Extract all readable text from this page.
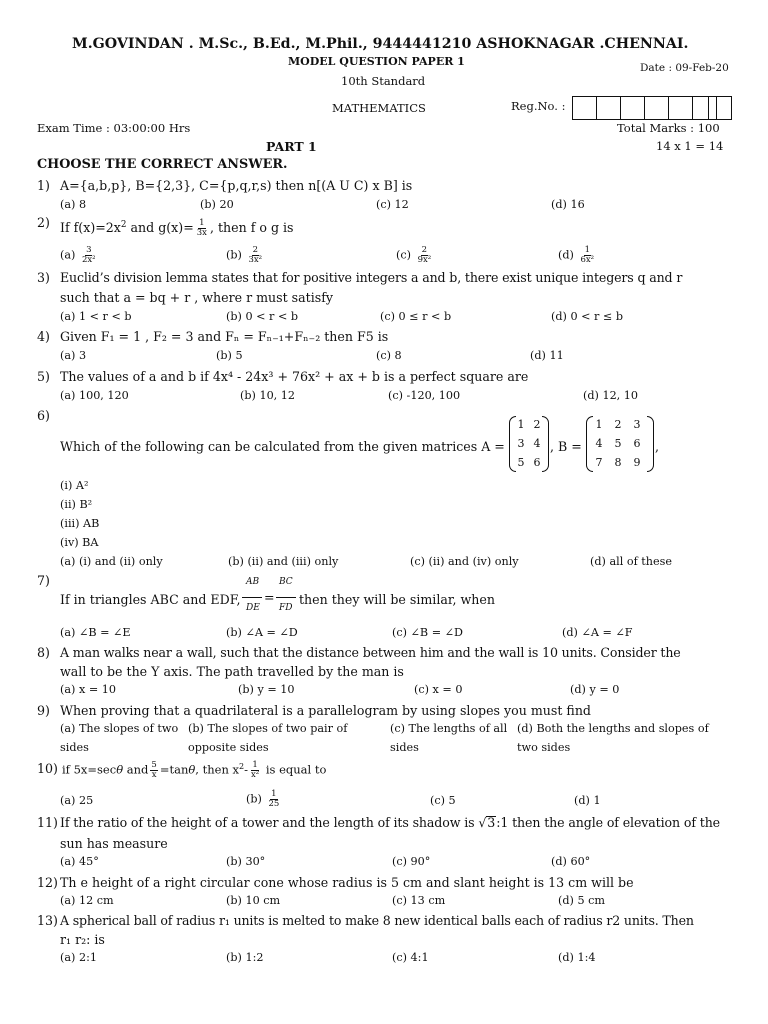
M.GOVINDAN . M.Sc., B.Ed., M.Phil., 9444441210 ASHOKNAGAR .CHENNAI.
MODEL QUESTION PAPER 1	Date : 09-Feb-20
10th Standard
MATHEMATICS	Reg.No. :
Exam Time : 03:00:00 Hrs	Total Marks : 100
PART 1	14 x 1 = 14
CHOOSE THE CORRECT ANSWER.
1) A={a,b,p}, B={2,3}, C={p,q,r,s) then n[(A U C) x B] is
(a) 8	(b) 20	(c) 12	(d) 16
2) If $f(x)=2x^2$ and $g(x)= \frac{1}{3x}$ , then f o g is
$(a) \frac{3}{\text{2x²}}$	$(b) \frac{2}{\text{3x²}}$	$(c) \frac{2}{\text{9x²}}$	$(d) \frac{1}{\text{6x²}}$
3) Euclid’s division lemma states that for positive integers a and b, there exist unique integers q and r
such that a = bq + r , where r must satisfy
(a) 1 < r < b	(b) 0 < r < b	(c) 0 ≤ r < b	(d) 0 < r ≤ b
4) Given F₁ = 1 , F₂ = 3 and Fₙ = Fₙ₋₁+Fₙ₋₂ then F5 is
(a) 3	(b) 5	(c) 8	(d) 11
5) The values of a and b if 4x⁴ - 24x³ + 76x² + ax + b is a perfect square are
(a) 100, 120	(b) 10, 12	(c) -120, 100	(d) 12, 10
6)
Which of the following can be calculated from the given matrices A =
1 2
3 4
5 6
, B =
1	2	3
4	5	6
7	8	9
,
(i) A²
(ii) B²
(iii) AB
(iv) BA
(a) (i) and (ii) only	(b) (ii) and (iii) only	(c) (ii) and (iv) only	(d) all of these
7)
If in triangles ABC and EDF,
AB
DE
=
BC
FD
then they will be similar, when
(a) ∠B = ∠E	(b) ∠A = ∠D	(c) ∠B = ∠D	(d) ∠A = ∠F
8) A man walks near a wall, such that the distance between him and the wall is 10 units. Consider the
wall to be the Y axis. The path travelled by the man is
(a) x = 10	(b) y = 10	(c) x = 0	(d) y = 0
9) When proving that a quadrilateral is a parallelogram by using slopes you must find
(a) The slopes of two (b) The slopes of two pair of	(c) The lengths of all (d) Both the lengths and slopes of
sides	opposite sides	sides	two sides
10) if 5x=secθ and $\frac{5}{x} =\tan\theta$, then $x^2- \frac{1}{\text{x²}}$ is equal to
(a) 25	$(b) \frac{1}{25}$	(c) 5	(d) 1
11) If the ratio of the height of a tower and the length of its shadow is √3:1 then the angle of elevation of the
sun has measure
(a) 45°	(b) 30°	(c) 90°	(d) 60°
12) Th e height of a right circular cone whose radius is 5 cm and slant height is 13 cm will be
(a) 12 cm	(b) 10 cm	(c) 13 cm	(d) 5 cm
13) A spherical ball of radius r₁ units is melted to make 8 new identical balls each of radius r2 units. Then
r₁ r₂: is
(a) 2:1	(b) 1:2	(c) 4:1	(d) 1:4
